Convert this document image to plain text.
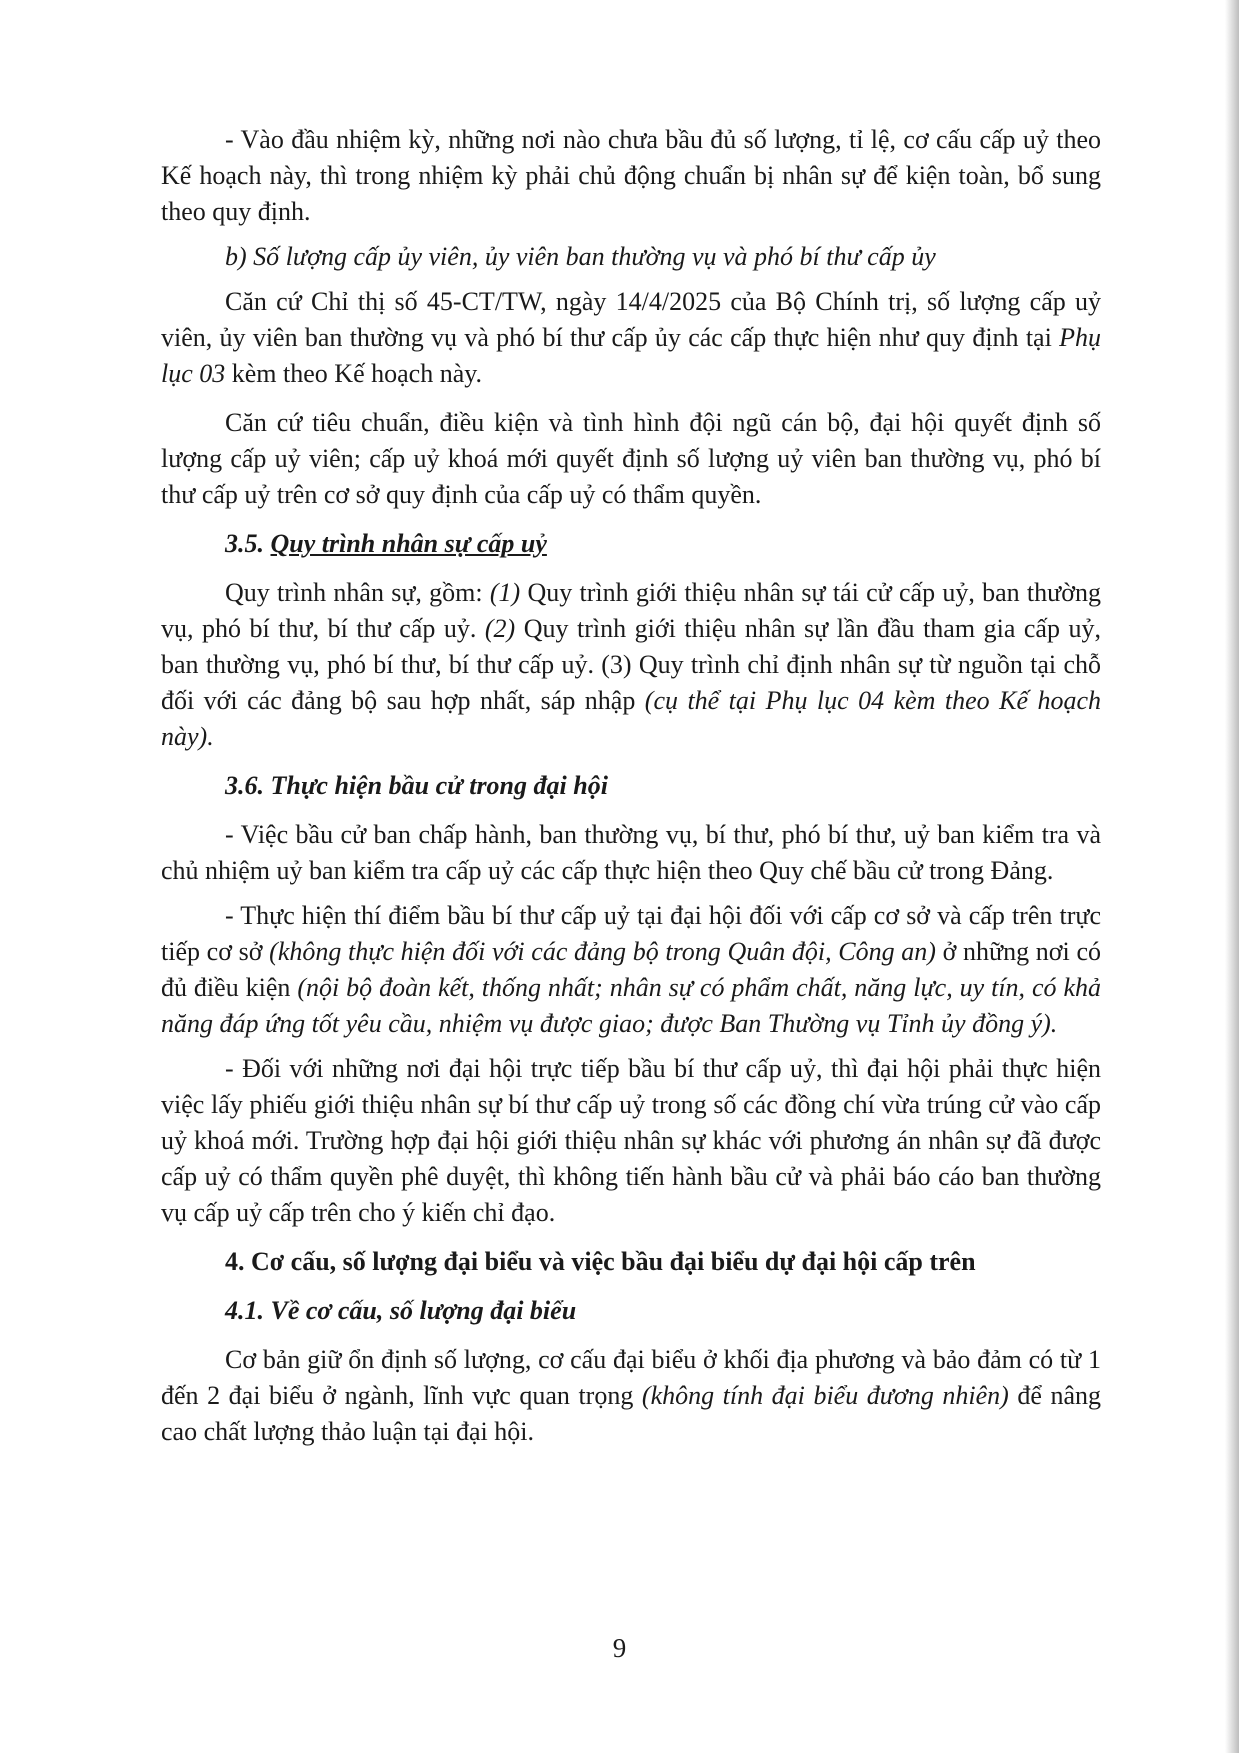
- Vào đầu nhiệm kỳ, những nơi nào chưa bầu đủ số lượng, tỉ lệ, cơ cấu cấp uỷ theo Kế hoạch này, thì trong nhiệm kỳ phải chủ động chuẩn bị nhân sự để kiện toàn, bổ sung theo quy định.

b) Số lượng cấp ủy viên, ủy viên ban thường vụ và phó bí thư cấp ủy

Căn cứ Chỉ thị số 45-CT/TW, ngày 14/4/2025 của Bộ Chính trị, số lượng cấp uỷ viên, ủy viên ban thường vụ và phó bí thư cấp ủy các cấp thực hiện như quy định tại Phụ lục 03 kèm theo Kế hoạch này.

Căn cứ tiêu chuẩn, điều kiện và tình hình đội ngũ cán bộ, đại hội quyết định số lượng cấp uỷ viên; cấp uỷ khoá mới quyết định số lượng uỷ viên ban thường vụ, phó bí thư cấp uỷ trên cơ sở quy định của cấp uỷ có thẩm quyền.

3.5. Quy trình nhân sự cấp uỷ

Quy trình nhân sự, gồm: (1) Quy trình giới thiệu nhân sự tái cử cấp uỷ, ban thường vụ, phó bí thư, bí thư cấp uỷ. (2) Quy trình giới thiệu nhân sự lần đầu tham gia cấp uỷ, ban thường vụ, phó bí thư, bí thư cấp uỷ. (3) Quy trình chỉ định nhân sự từ nguồn tại chỗ đối với các đảng bộ sau hợp nhất, sáp nhập (cụ thể tại Phụ lục 04 kèm theo Kế hoạch này).

3.6. Thực hiện bầu cử trong đại hội

- Việc bầu cử ban chấp hành, ban thường vụ, bí thư, phó bí thư, uỷ ban kiểm tra và chủ nhiệm uỷ ban kiểm tra cấp uỷ các cấp thực hiện theo Quy chế bầu cử trong Đảng.

- Thực hiện thí điểm bầu bí thư cấp uỷ tại đại hội đối với cấp cơ sở và cấp trên trực tiếp cơ sở (không thực hiện đối với các đảng bộ trong Quân đội, Công an) ở những nơi có đủ điều kiện (nội bộ đoàn kết, thống nhất; nhân sự có phẩm chất, năng lực, uy tín, có khả năng đáp ứng tốt yêu cầu, nhiệm vụ được giao; được Ban Thường vụ Tỉnh ủy đồng ý).

- Đối với những nơi đại hội trực tiếp bầu bí thư cấp uỷ, thì đại hội phải thực hiện việc lấy phiếu giới thiệu nhân sự bí thư cấp uỷ trong số các đồng chí vừa trúng cử vào cấp uỷ khoá mới. Trường hợp đại hội giới thiệu nhân sự khác với phương án nhân sự đã được cấp uỷ có thẩm quyền phê duyệt, thì không tiến hành bầu cử và phải báo cáo ban thường vụ cấp uỷ cấp trên cho ý kiến chỉ đạo.

4. Cơ cấu, số lượng đại biểu và việc bầu đại biểu dự đại hội cấp trên

4.1. Về cơ cấu, số lượng đại biểu

Cơ bản giữ ổn định số lượng, cơ cấu đại biểu ở khối địa phương và bảo đảm có từ 1 đến 2 đại biểu ở ngành, lĩnh vực quan trọng (không tính đại biểu đương nhiên) để nâng cao chất lượng thảo luận tại đại hội.

9
